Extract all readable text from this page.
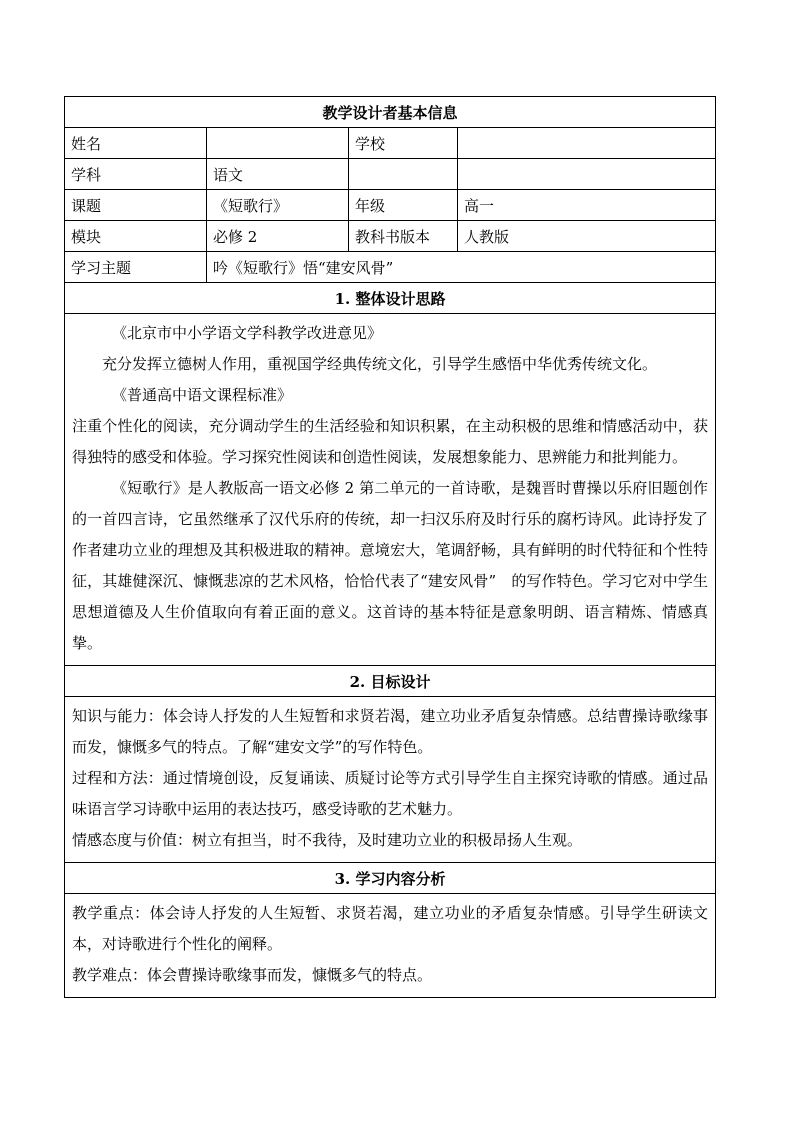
教学设计者基本信息			
姓名		学校	
学科	语文		
课题	《短歌行》	年级	高一
模块	必修 2	教科书版本	人教版
学习主题	吟《短歌行》悟“建安风骨”		
1. 整体设计思路			

《北京市中小学语文学科教学改进意见》

充分发挥立德树人作用，重视国学经典传统文化，引导学生感悟中华优秀传统文化。

《普通高中语文课程标准》

注重个性化的阅读，充分调动学生的生活经验和知识积累，在主动积极的思维和情感活动中，获得独特的感受和体验。学习探究性阅读和创造性阅读，发展想象能力、思辨能力和批判能力。

《短歌行》是人教版高一语文必修 2 第二单元的一首诗歌，是魏晋时曹操以乐府旧题创作的一首四言诗，它虽然继承了汉代乐府的传统，却一扫汉乐府及时行乐的腐朽诗风。此诗抒发了作者建功立业的理想及其积极进取的精神。意境宏大，笔调舒畅，具有鲜明的时代特征和个性特征，其雄健深沉、慷慨悲凉的艺术风格，恰恰代表了“建安风骨”　的写作特色。学习它对中学生思想道德及人生价值取向有着正面的意义。这首诗的基本特征是意象明朗、语言精炼、情感真挚。			

2. 目标设计			

知识与能力：体会诗人抒发的人生短暂和求贤若渴，建立功业矛盾复杂情感。总结曹操诗歌缘事而发，慷慨多气的特点。了解“建安文学”的写作特色。

过程和方法：通过情境创设，反复诵读、质疑讨论等方式引导学生自主探究诗歌的情感。通过品味语言学习诗歌中运用的表达技巧，感受诗歌的艺术魅力。

情感态度与价值：树立有担当，时不我待，及时建功立业的积极昂扬人生观。			

3. 学习内容分析			

教学重点：体会诗人抒发的人生短暂、求贤若渴，建立功业的矛盾复杂情感。引导学生研读文本，对诗歌进行个性化的阐释。

教学难点：体会曹操诗歌缘事而发，慷慨多气的特点。			
